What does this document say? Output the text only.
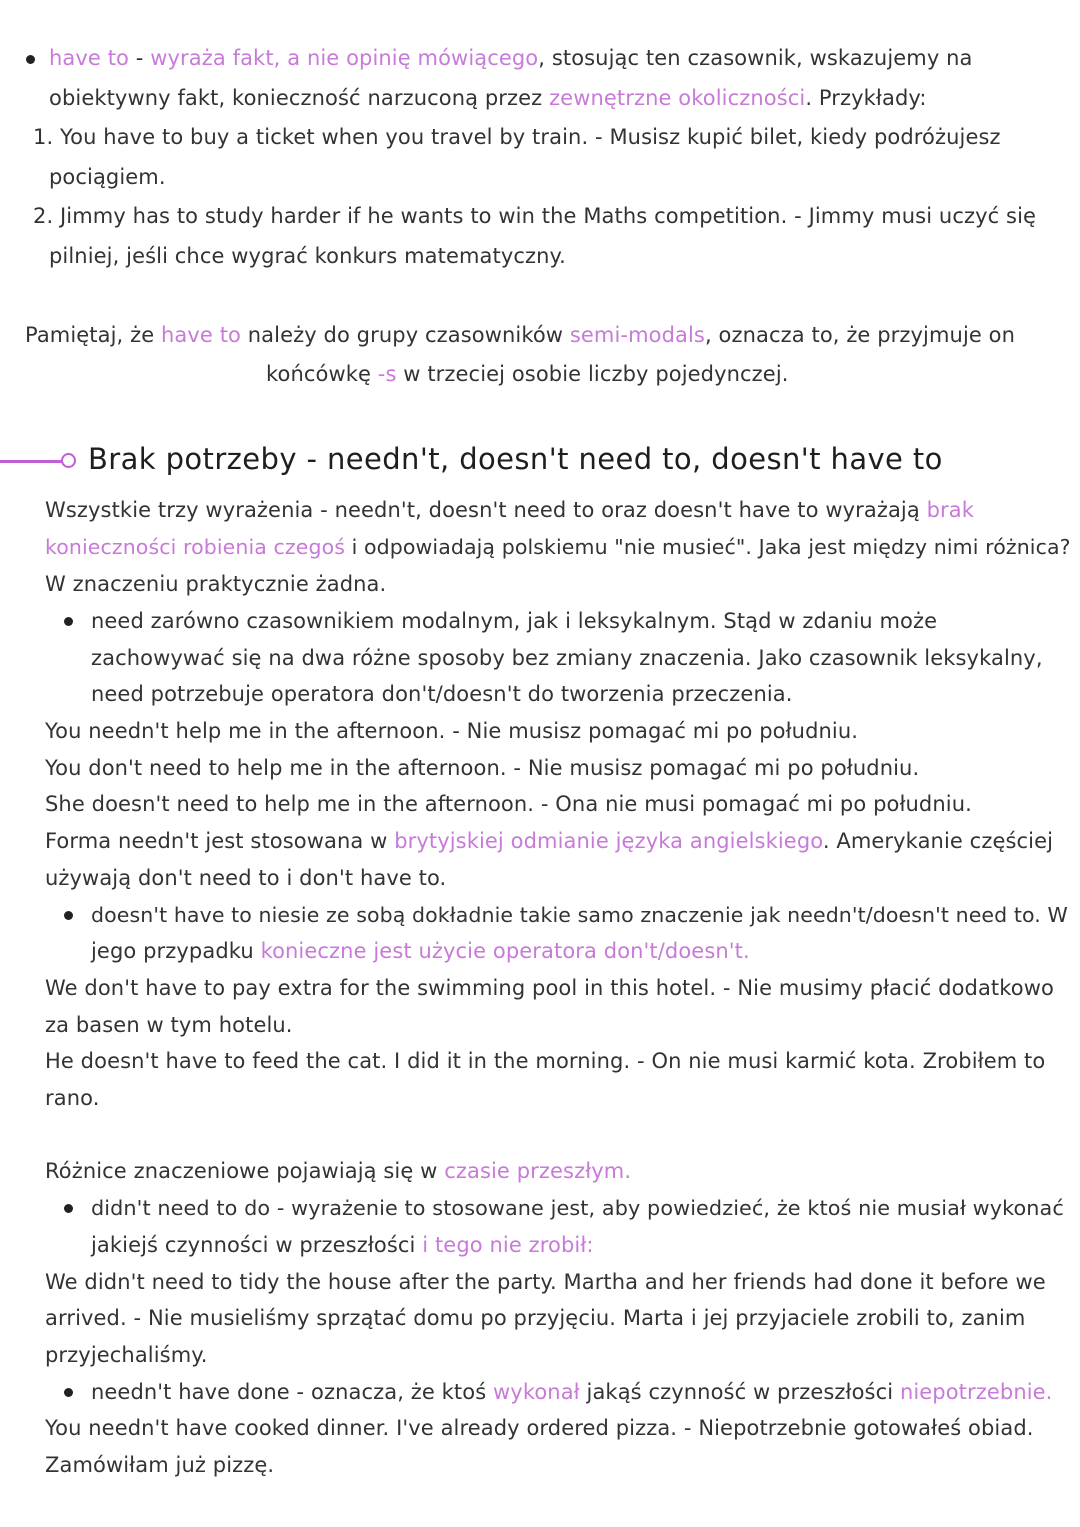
have to - wyraża fakt, a nie opinię mówiącego, stosując ten czasownik, wskazujemy na
obiektywny fakt, konieczność narzuconą przez zewnętrzne okoliczności. Przykłady:
1. You have to buy a ticket when you travel by train. - Musisz kupić bilet, kiedy podróżujesz
pociągiem.
2. Jimmy has to study harder if he wants to win the Maths competition. - Jimmy musi uczyć się
pilniej, jeśli chce wygrać konkurs matematyczny.
Pamiętaj, że have to należy do grupy czasowników semi-modals, oznacza to, że przyjmuje on
końcówkę -s w trzeciej osobie liczby pojedynczej.
Brak potrzeby - needn't, doesn't need to, doesn't have to
Wszystkie trzy wyrażenia - needn't, doesn't need to oraz doesn't have to wyrażają brak
konieczności robienia czegoś i odpowiadają polskiemu "nie musieć". Jaka jest między nimi różnica?
W znaczeniu praktycznie żadna.
need zarówno czasownikiem modalnym, jak i leksykalnym. Stąd w zdaniu może
zachowywać się na dwa różne sposoby bez zmiany znaczenia. Jako czasownik leksykalny,
need potrzebuje operatora don't/doesn't do tworzenia przeczenia.
You needn't help me in the afternoon. - Nie musisz pomagać mi po południu.
You don't need to help me in the afternoon. - Nie musisz pomagać mi po południu.
She doesn't need to help me in the afternoon. - Ona nie musi pomagać mi po południu.
Forma needn't jest stosowana w brytyjskiej odmianie języka angielskiego. Amerykanie częściej
używają don't need to i don't have to.
doesn't have to niesie ze sobą dokładnie takie samo znaczenie jak needn't/doesn't need to. W
jego przypadku konieczne jest użycie operatora don't/doesn't.
We don't have to pay extra for the swimming pool in this hotel. - Nie musimy płacić dodatkowo
za basen w tym hotelu.
He doesn't have to feed the cat. I did it in the morning. - On nie musi karmić kota. Zrobiłem to
rano.
Różnice znaczeniowe pojawiają się w czasie przeszłym.
didn't need to do - wyrażenie to stosowane jest, aby powiedzieć, że ktoś nie musiał wykonać
jakiejś czynności w przeszłości i tego nie zrobił:
We didn't need to tidy the house after the party. Martha and her friends had done it before we
arrived. - Nie musieliśmy sprzątać domu po przyjęciu. Marta i jej przyjaciele zrobili to, zanim
przyjechaliśmy.
needn't have done - oznacza, że ktoś wykonał jakąś czynność w przeszłości niepotrzebnie.
You needn't have cooked dinner. I've already ordered pizza. - Niepotrzebnie gotowałeś obiad.
Zamówiłam już pizzę.
